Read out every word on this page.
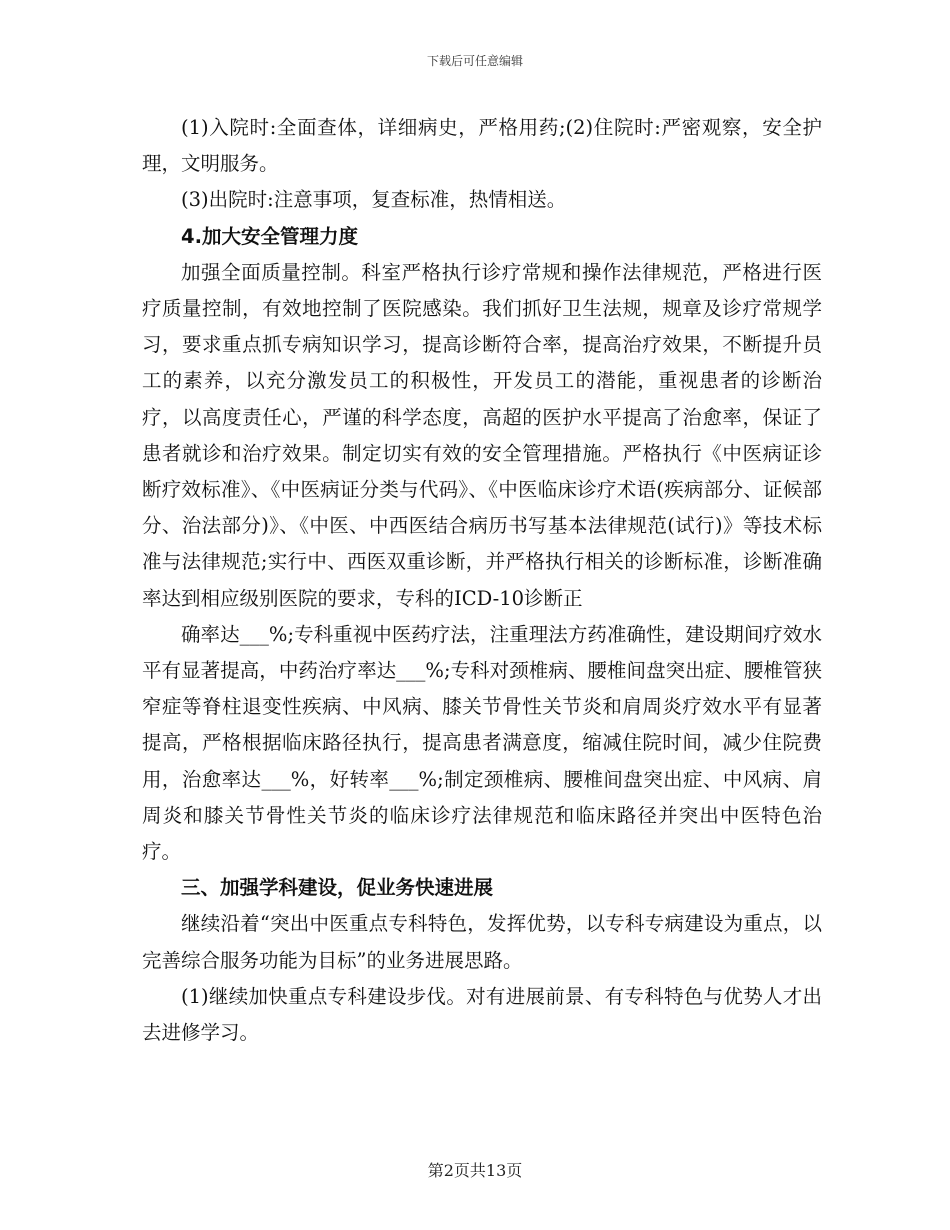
下载后可任意编辑

(1)入院时:全面查体，详细病史，严格用药;(2)住院时:严密观察，安全护理，文明服务。

(3)出院时:注意事项，复查标准，热情相送。

4.加大安全管理力度

加强全面质量控制。科室严格执行诊疗常规和操作法律规范，严格进行医疗质量控制，有效地控制了医院感染。我们抓好卫生法规，规章及诊疗常规学习，要求重点抓专病知识学习，提高诊断符合率，提高治疗效果，不断提升员工的素养，以充分激发员工的积极性，开发员工的潜能，重视患者的诊断治疗，以高度责任心，严谨的科学态度，高超的医护水平提高了治愈率，保证了患者就诊和治疗效果。制定切实有效的安全管理措施。严格执行《中医病证诊断疗效标准》、《中医病证分类与代码》、《中医临床诊疗术语(疾病部分、证候部分、治法部分)》、《中医、中西医结合病历书写基本法律规范(试行)》等技术标准与法律规范;实行中、西医双重诊断，并严格执行相关的诊断标准，诊断准确率达到相应级别医院的要求，专科的ICD-10诊断正

确率达___%;专科重视中医药疗法，注重理法方药准确性，建设期间疗效水平有显著提高，中药治疗率达___%;专科对颈椎病、腰椎间盘突出症、腰椎管狭窄症等脊柱退变性疾病、中风病、膝关节骨性关节炎和肩周炎疗效水平有显著提高，严格根据临床路径执行，提高患者满意度，缩减住院时间，减少住院费用，治愈率达___%，好转率___%;制定颈椎病、腰椎间盘突出症、中风病、肩周炎和膝关节骨性关节炎的临床诊疗法律规范和临床路径并突出中医特色治疗。

三、加强学科建设，促业务快速进展

继续沿着“突出中医重点专科特色，发挥优势，以专科专病建设为重点，以完善综合服务功能为目标”的业务进展思路。

(1)继续加快重点专科建设步伐。对有进展前景、有专科特色与优势人才出去进修学习。

第2页共13页
